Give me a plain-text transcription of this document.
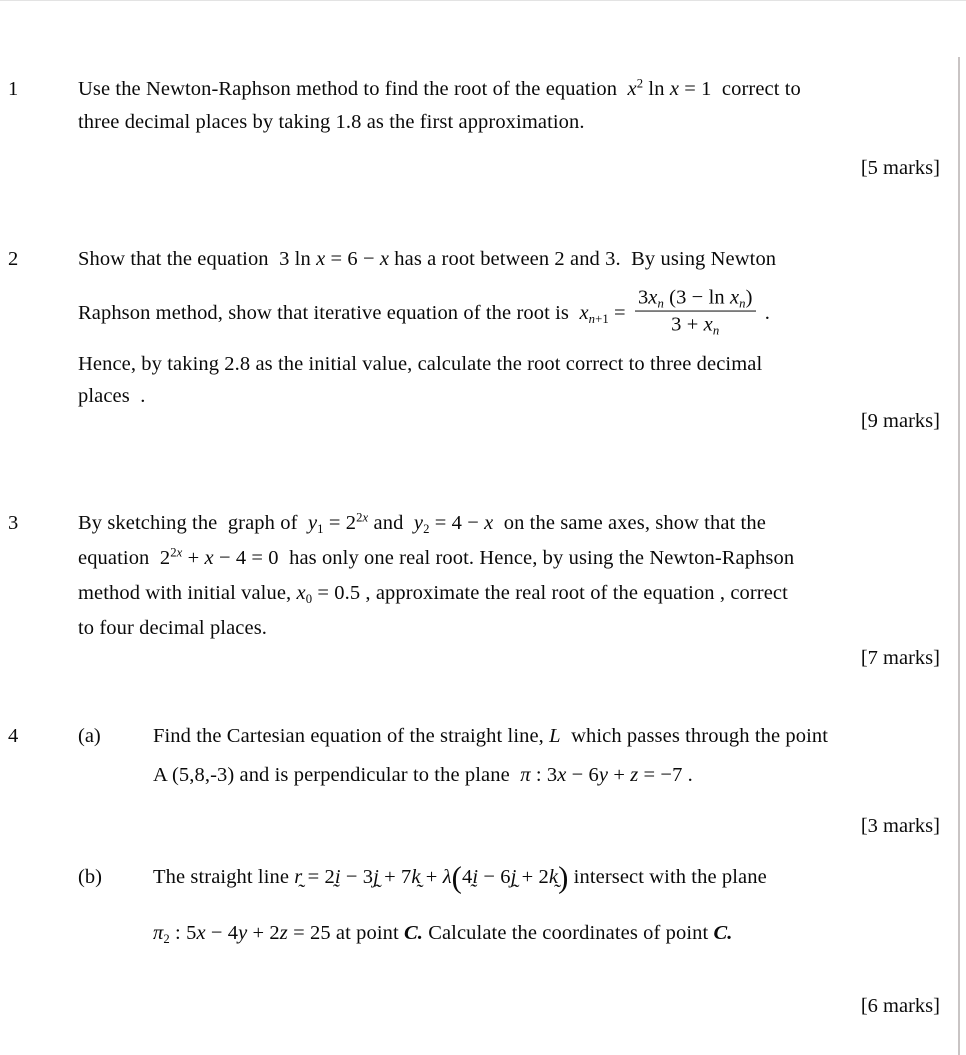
1	Use the Newton-Raphson method to find the root of the equation  $x^2$ ln x = 1  correct to
three decimal places by taking 1.8 as the first approximation.
[5 marks]
2	Show that the equation  3 ln x = 6 − x has a root between 2 and 3.  By using Newton
Raphson method, show that iterative equation of the root is  $x_{n+1} = \frac{3x_n (3 - \ln x_n)}{3 + x_n}$ .
Hence, by taking 2.8 as the initial value, calculate the root correct to three decimal
places  .
[9 marks]
3	By sketching the  graph of  $y_1 = 2^{2x}$ and  $y_2 = 4 - x$  on the same axes, show that the
equation  $2^{2x} + x - 4 = 0$  has only one real root. Hence, by using the Newton-Raphson
method with initial value, $x_0 = 0.5$ , approximate the real root of the equation , correct
to four decimal places.
[7 marks]
4	(a)	Find the Cartesian equation of the straight line, L  which passes through the point
A (5,8,-3) and is perpendicular to the plane  π : 3x − 6y + z = −7 .
[3 marks]
(b) The straight line r̰ = 2ḭ − 3j̰ + 7k̰ + λ(4ḭ − 6j̰ + 2k̰) intersect with the plane
$\pi_2$ : 5x − 4y + 2z = 25 at point C. Calculate the coordinates of point C.
[6 marks]
